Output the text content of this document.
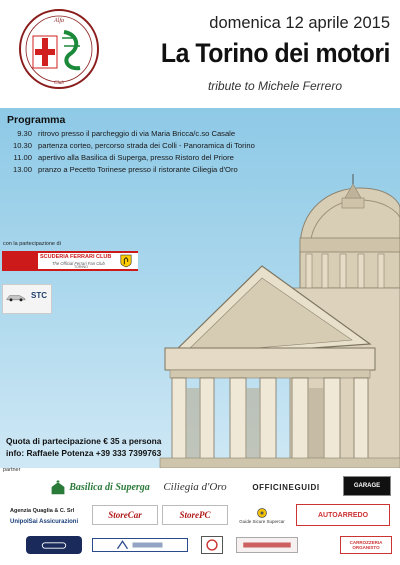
Alfa
Club
domenica 12 aprile 2015
La Torino dei motori
tribute to Michele Ferrero
Programma
9.30 ritrovo presso il parcheggio di via Maria Bricca/c.so Casale
10.30 partenza corteo, percorso strada dei Colli - Panoramica di Torino
11.00 apertivo alla Basilica di Superga, presso Ristoro del Priore
13.00 pranzo a Pecetto Torinese presso il ristorante Ciliegia d'Oro
con la partecipazione di
SCUDERIA FERRARI CLUB
The Official Ferrari Fan Club
TORINO
STC
Quota di partecipazione € 35 a persona
info: Raffaele Potenza +39 333 7399763
partner
Basilica di Superga Ciliegia d'Oro	OFFICINEGUIDI	GARAGE
Agenzia Quaglia & C. Srl
UnipolSai Assicurazioni
StoreCar	StorePC
Guide Sicure Supercar
AUTOARREDO
CARROZZERIA ORGANISTO
